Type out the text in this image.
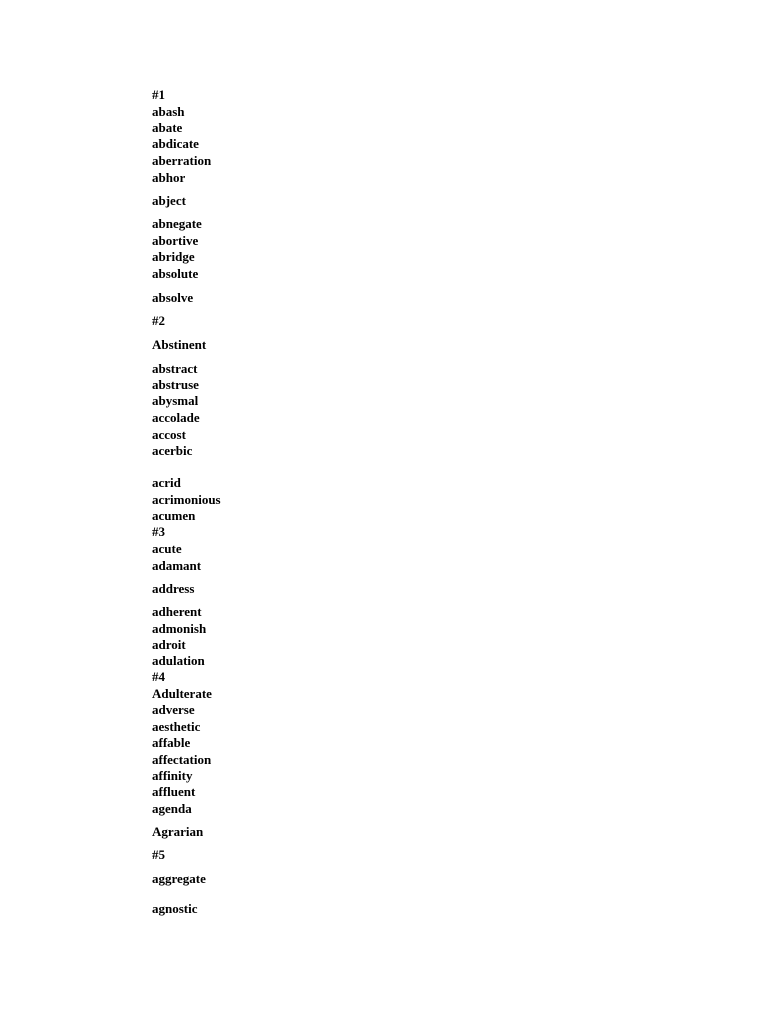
#1
abash
abate
abdicate
aberration
abhor
abject
abnegate
abortive
abridge
absolute
absolve
#2
Abstinent
abstract
abstruse
abysmal
accolade
accost
acerbic
acrid
acrimonious
acumen
#3
acute
adamant
address
adherent
admonish
adroit
adulation
#4
Adulterate
adverse
aesthetic
affable
affectation
affinity
affluent
agenda
Agrarian
#5
aggregate
agnostic
